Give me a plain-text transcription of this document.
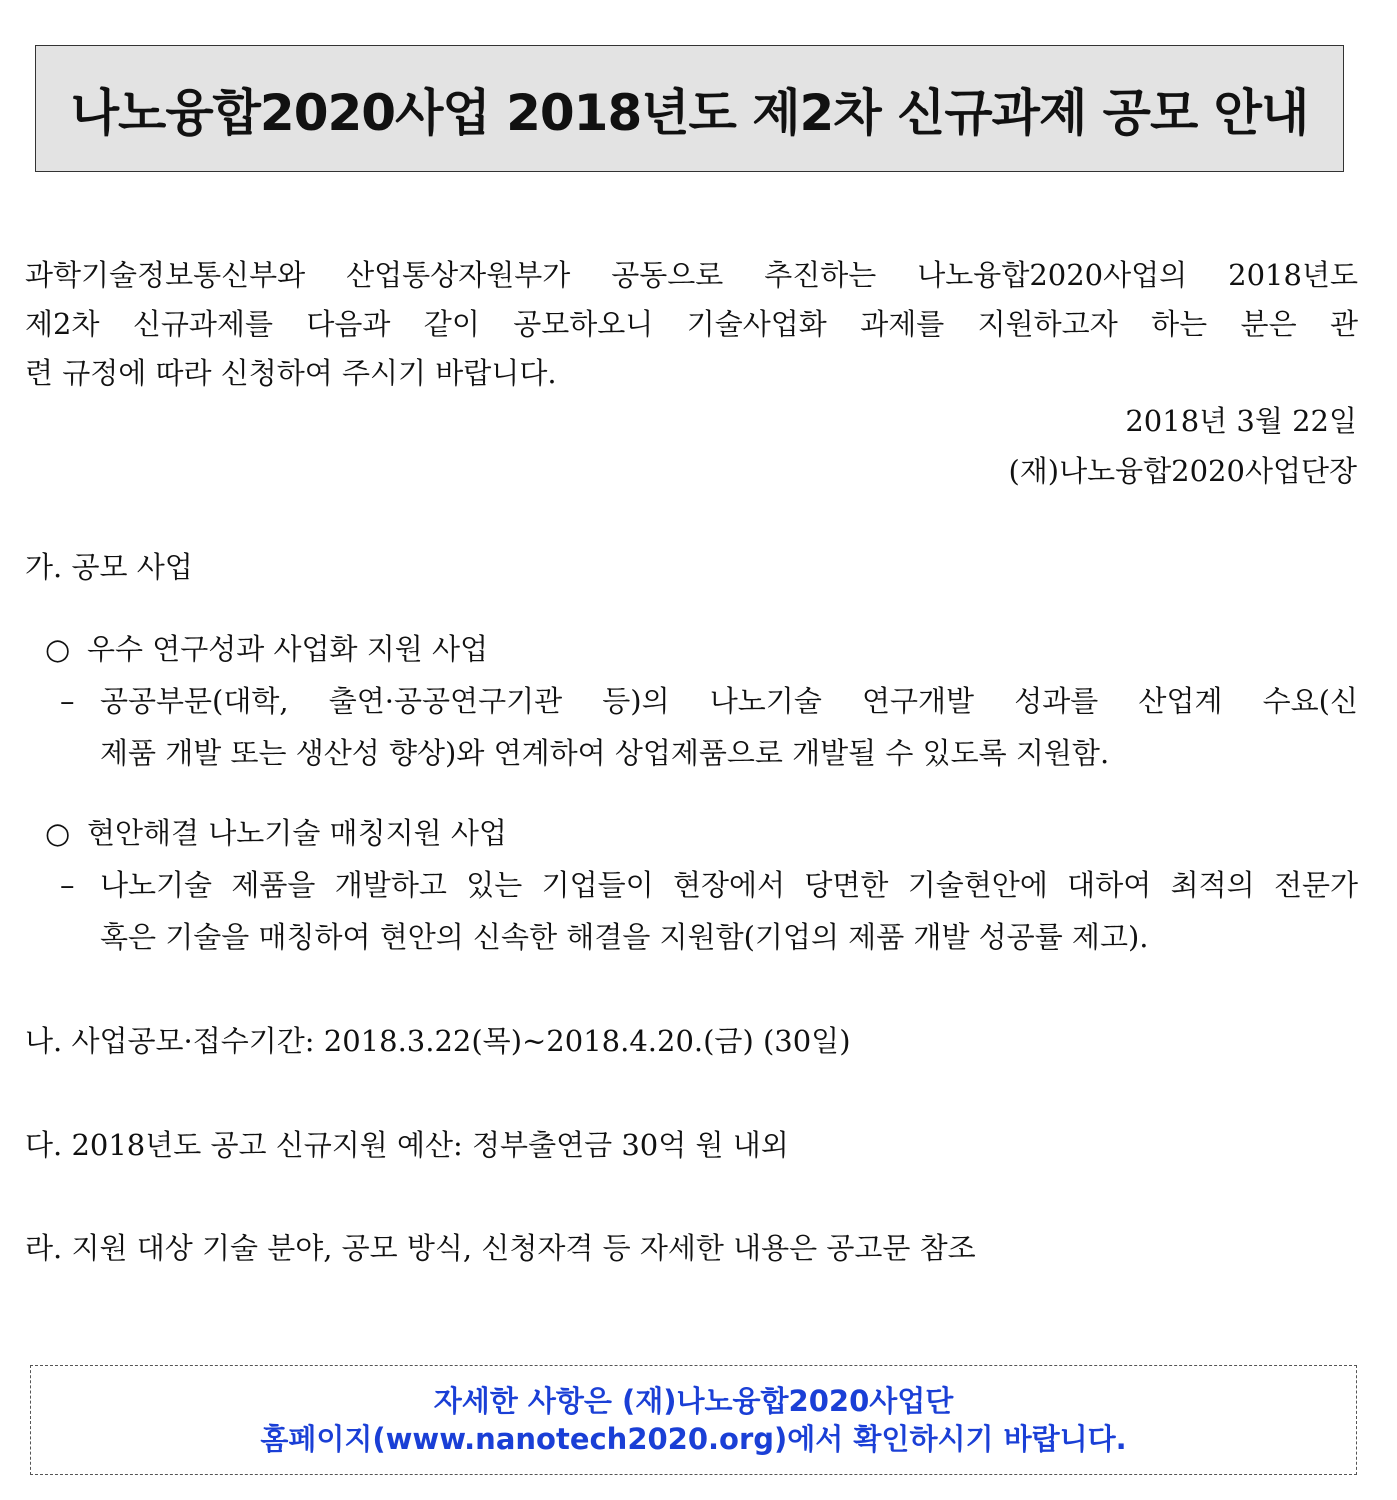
나노융합2020사업 2018년도 제2차 신규과제 공모 안내
과학기술정보통신부와 산업통상자원부가 공동으로 추진하는 나노융합2020사업의 2018년도
제2차 신규과제를 다음과 같이 공모하오니 기술사업화 과제를 지원하고자 하는 분은 관
련 규정에 따라 신청하여 주시기 바랍니다.
2018년 3월 22일
(재)나노융합2020사업단장
가. 공모 사업
○ 우수 연구성과 사업화 지원 사업
– 공공부문(대학, 출연·공공연구기관 등)의 나노기술 연구개발 성과를 산업계 수요(신
제품 개발 또는 생산성 향상)와 연계하여 상업제품으로 개발될 수 있도록 지원함.
○ 현안해결 나노기술 매칭지원 사업
– 나노기술 제품을 개발하고 있는 기업들이 현장에서 당면한 기술현안에 대하여 최적의 전문가
혹은 기술을 매칭하여 현안의 신속한 해결을 지원함(기업의 제품 개발 성공률 제고).
나. 사업공모·접수기간: 2018.3.22(목)~2018.4.20.(금) (30일)
다. 2018년도 공고 신규지원 예산: 정부출연금 30억 원 내외
라. 지원 대상 기술 분야, 공모 방식, 신청자격 등 자세한 내용은 공고문 참조
자세한 사항은 (재)나노융합2020사업단
홈페이지(www.nanotech2020.org)에서 확인하시기 바랍니다.
